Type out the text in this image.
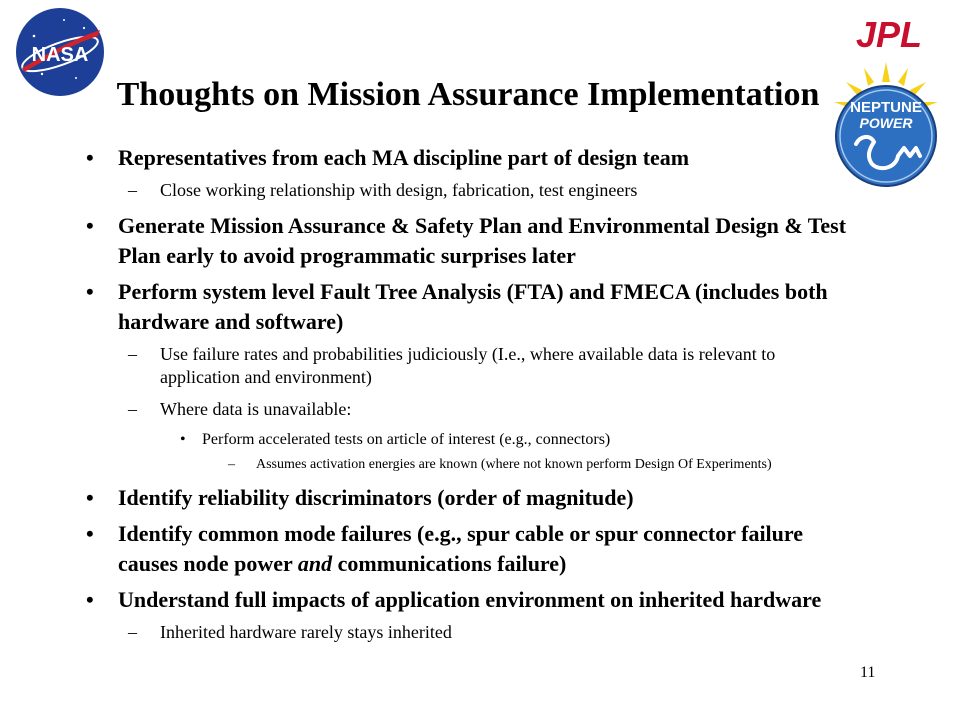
NASA	JPL
NEPTUNE
POWER
Thoughts on Mission Assurance Implementation
• Representatives from each MA discipline part of design team
– Close working relationship with design, fabrication, test engineers
• Generate Mission Assurance & Safety Plan and Environmental Design & Test Plan early to avoid programmatic surprises later
• Perform system level Fault Tree Analysis (FTA) and FMECA (includes both hardware and software)
– Use failure rates and probabilities judiciously (I.e., where available data is relevant to application and environment)
– Where data is unavailable:
• Perform accelerated tests on article of interest (e.g., connectors)
– Assumes activation energies are known (where not known perform Design Of Experiments)
• Identify reliability discriminators (order of magnitude)
• Identify common mode failures (e.g., spur cable or spur connector failure causes node power and communications failure)
• Understand full impacts of application environment on inherited hardware
– Inherited hardware rarely stays inherited
11
